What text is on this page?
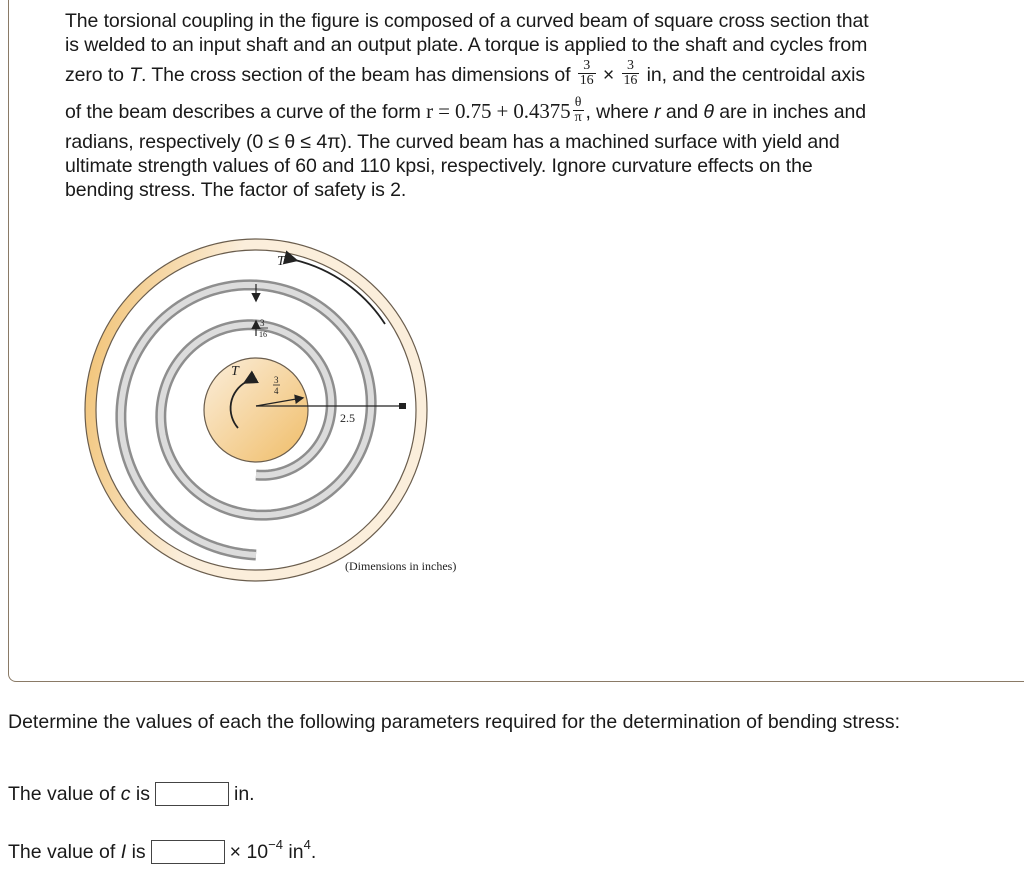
The torsional coupling in the figure is composed of a curved beam of square cross section that
is welded to an input shaft and an output plate. A torque is applied to the shaft and cycles from
zero to T. The cross section of the beam has dimensions of $\frac{3}{16} \times \frac{3}{16}$ in, and the centroidal axis
of the beam describes a curve of the form $r = 0.75 + 0.4375 \frac{\theta}{\pi}$ , where r and θ are in inches and
radians, respectively (0 ≤ θ ≤ 4π). The curved beam has a machined surface with yield and
ultimate strength values of 60 and 110 kpsi, respectively. Ignore curvature effects on the
bending stress. The factor of safety is 2.
T
T
3
16
3
4
2.5
(Dimensions in inches)
Determine the values of each the following parameters required for the determination of bending stress:
The value of c is	in.
The value of I is	× $10^{-4}$ $in^4$.
